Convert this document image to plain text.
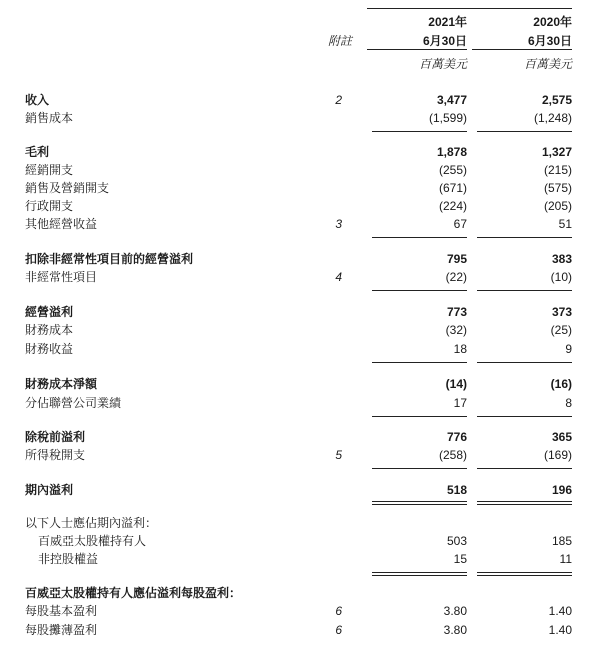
2021年	2020年
附註	6月30日	6月30日
百萬美元	百萬美元
收入	2	3,477	2,575
銷售成本	(1,599)	(1,248)
毛利	1,878	1,327
經銷開支	(255)	(215)
銷售及營銷開支	(671)	(575)
行政開支	(224)	(205)
其他經營收益	3	67	51
扣除非經常性項目前的經營溢利	795	383
非經常性項目	4	(22)	(10)
經營溢利	773	373
財務成本	(32)	(25)
財務收益	18	9
財務成本淨額	(14)	(16)
分佔聯營公司業績	17	8
除稅前溢利	776	365
所得稅開支	5	(258)	(169)
期內溢利	518	196
以下人士應佔期內溢利：
百威亞太股權持有人	503	185
非控股權益	15	11
百威亞太股權持有人應佔溢利每股盈利：
每股基本盈利	6	3.80	1.40
每股攤薄盈利	6	3.80	1.40
